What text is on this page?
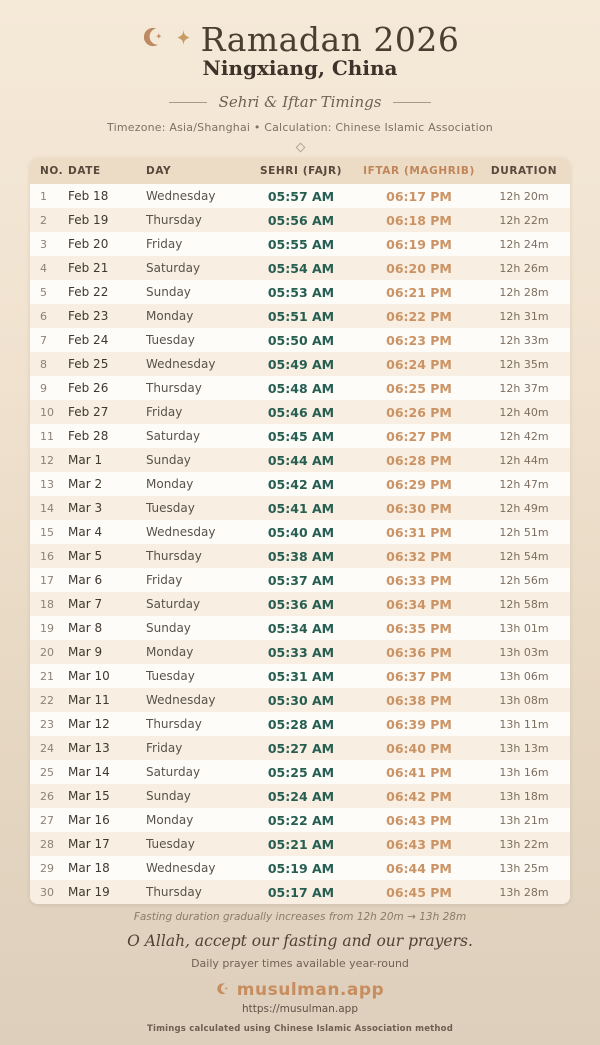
Ramadan 2026
Ningxiang, China
Sehri & Iftar Timings
Timezone: Asia/Shanghai • Calculation: Chinese Islamic Association
NO. DATE	DAY	SEHRI (FAJR)	IFTAR (MAGHRIB)	DURATION
1	Feb 18	Wednesday	05:57 AM	06:17 PM	12h 20m
2	Feb 19	Thursday	05:56 AM	06:18 PM	12h 22m
3	Feb 20	Friday	05:55 AM	06:19 PM	12h 24m
4	Feb 21	Saturday	05:54 AM	06:20 PM	12h 26m
5	Feb 22	Sunday	05:53 AM	06:21 PM	12h 28m
6	Feb 23	Monday	05:51 AM	06:22 PM	12h 31m
7	Feb 24	Tuesday	05:50 AM	06:23 PM	12h 33m
8	Feb 25	Wednesday	05:49 AM	06:24 PM	12h 35m
9	Feb 26	Thursday	05:48 AM	06:25 PM	12h 37m
10	Feb 27	Friday	05:46 AM	06:26 PM	12h 40m
11	Feb 28	Saturday	05:45 AM	06:27 PM	12h 42m
12	Mar 1	Sunday	05:44 AM	06:28 PM	12h 44m
13	Mar 2	Monday	05:42 AM	06:29 PM	12h 47m
14	Mar 3	Tuesday	05:41 AM	06:30 PM	12h 49m
15	Mar 4	Wednesday	05:40 AM	06:31 PM	12h 51m
16	Mar 5	Thursday	05:38 AM	06:32 PM	12h 54m
17	Mar 6	Friday	05:37 AM	06:33 PM	12h 56m
18	Mar 7	Saturday	05:36 AM	06:34 PM	12h 58m
19	Mar 8	Sunday	05:34 AM	06:35 PM	13h 01m
20	Mar 9	Monday	05:33 AM	06:36 PM	13h 03m
21	Mar 10	Tuesday	05:31 AM	06:37 PM	13h 06m
22	Mar 11	Wednesday	05:30 AM	06:38 PM	13h 08m
23	Mar 12	Thursday	05:28 AM	06:39 PM	13h 11m
24	Mar 13	Friday	05:27 AM	06:40 PM	13h 13m
25	Mar 14	Saturday	05:25 AM	06:41 PM	13h 16m
26	Mar 15	Sunday	05:24 AM	06:42 PM	13h 18m
27	Mar 16	Monday	05:22 AM	06:43 PM	13h 21m
28	Mar 17	Tuesday	05:21 AM	06:43 PM	13h 22m
29	Mar 18	Wednesday	05:19 AM	06:44 PM	13h 25m
30	Mar 19	Thursday	05:17 AM	06:45 PM	13h 28m
Fasting duration gradually increases from 12h 20m → 13h 28m
O Allah, accept our fasting and our prayers.
Daily prayer times available year-round
musulman.app
https://musulman.app
Timings calculated using Chinese Islamic Association method
